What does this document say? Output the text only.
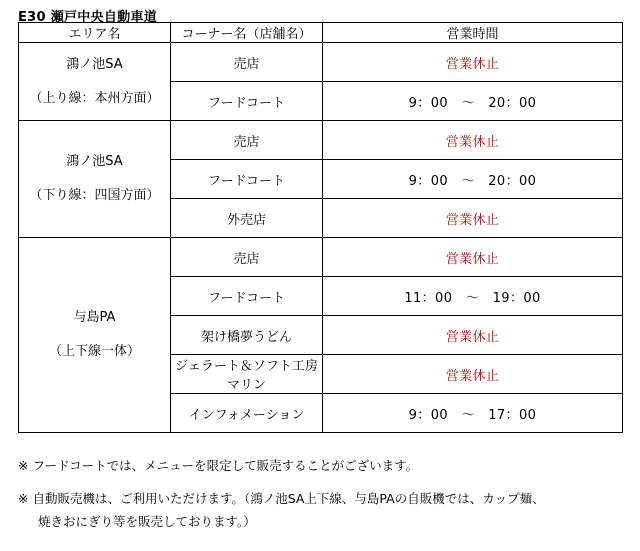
E30 瀬戸中央自動車道
エリア名	コーナー名（店舗名）	営業時間

鴻ノ池SA
（上り線：本州方面）	売店	営業休止
	フードコート	9：00　～　20：00

鴻ノ池SA
（下り線：四国方面）	売店	営業休止
	フードコート	9：00　～　20：00
	外売店	営業休止

与島PA
（上下線一体）	売店	営業休止
	フードコート	11：00　～　19：00
	架け橋夢うどん	営業休止
	ジェラート＆ソフト工房マリン	営業休止
	インフォメーション	9：00　～　17：00

※ フードコートでは、メニューを限定して販売することがございます。

※ 自動販売機は、ご利用いただけます。（鴻ノ池SA上下線、与島PAの自販機では、カップ麺、

焼きおにぎり等を販売しております。）
